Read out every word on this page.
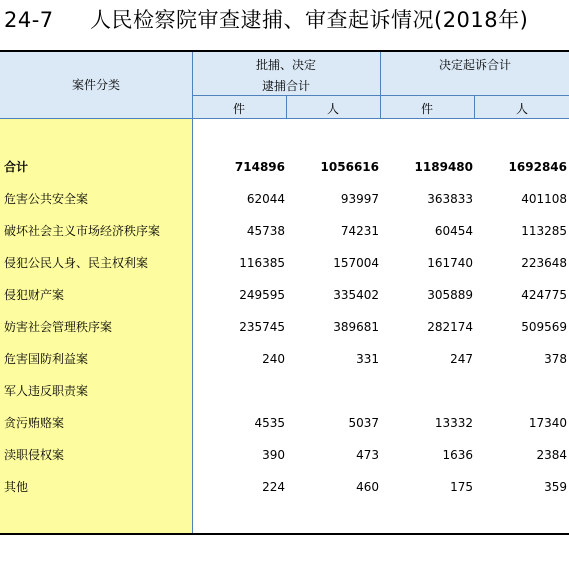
24-7 人民检察院审查逮捕、审查起诉情况(2018年)
案件分类
批捕、决定
逮捕合计
决定起诉合计
件	人	件	人
合计	714896	1056616	1189480	1692846
危害公共安全案	62044	93997	363833	401108
破坏社会主义市场经济秩序案	45738	74231	60454	113285
侵犯公民人身、民主权利案	116385	157004	161740	223648
侵犯财产案	249595	335402	305889	424775
妨害社会管理秩序案	235745	389681	282174	509569
危害国防利益案	240	331	247	378
军人违反职责案
贪污贿赂案	4535	5037	13332	17340
渎职侵权案	390	473	1636	2384
其他	224	460	175	359
